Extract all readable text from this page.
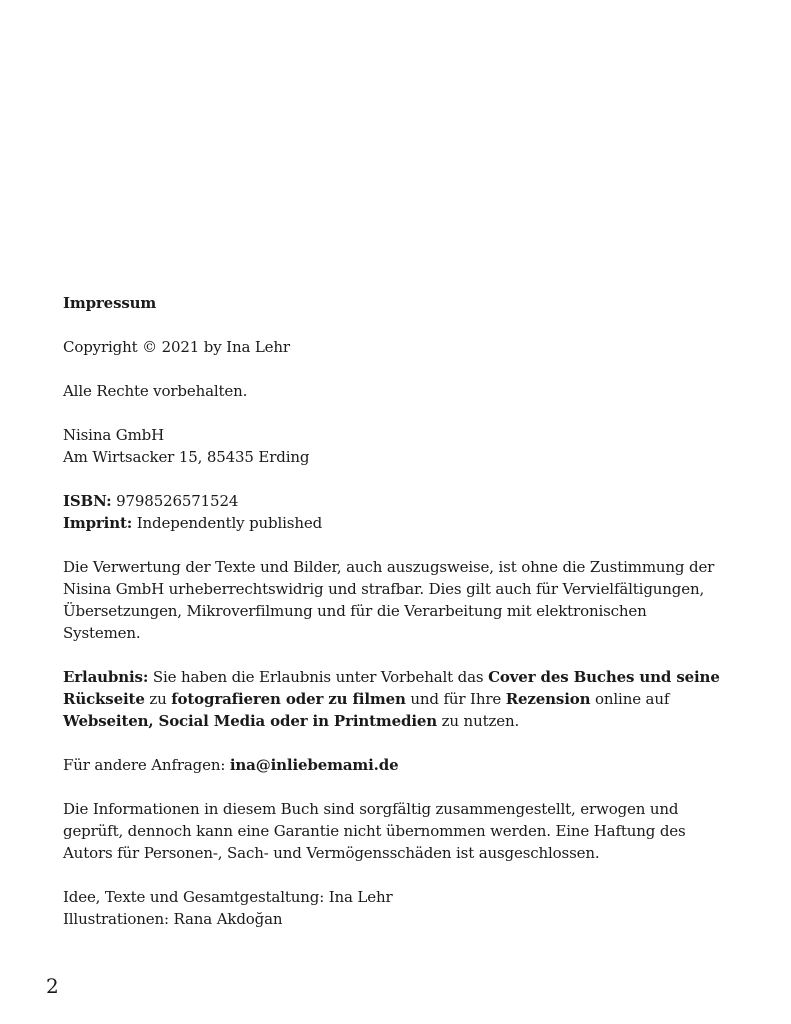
Impressum

Copyright © 2021 by Ina Lehr

Alle Rechte vorbehalten.

Nisina GmbH
Am Wirtsacker 15, 85435 Erding

ISBN: 9798526571524
Imprint: Independently published

Die Verwertung der Texte und Bilder, auch auszugsweise, ist ohne die Zustimmung der Nisina GmbH urheberrechtswidrig und strafbar. Dies gilt auch für Vervielfältigungen, Übersetzungen, Mikroverfilmung und für die Verarbeitung mit elektronischen Systemen.

Erlaubnis: Sie haben die Erlaubnis unter Vorbehalt das Cover des Buches und seine Rückseite zu fotografieren oder zu filmen und für Ihre Rezension online auf Webseiten, Social Media oder in Printmedien zu nutzen.

Für andere Anfragen: ina@inliebemami.de

Die Informationen in diesem Buch sind sorgfältig zusammengestellt, erwogen und geprüft, dennoch kann eine Garantie nicht übernommen werden. Eine Haftung des Autors für Personen-, Sach- und Vermögensschäden ist ausgeschlossen.

Idee, Texte und Gesamtgestaltung: Ina Lehr
Illustrationen: Rana Akdoğan

2
